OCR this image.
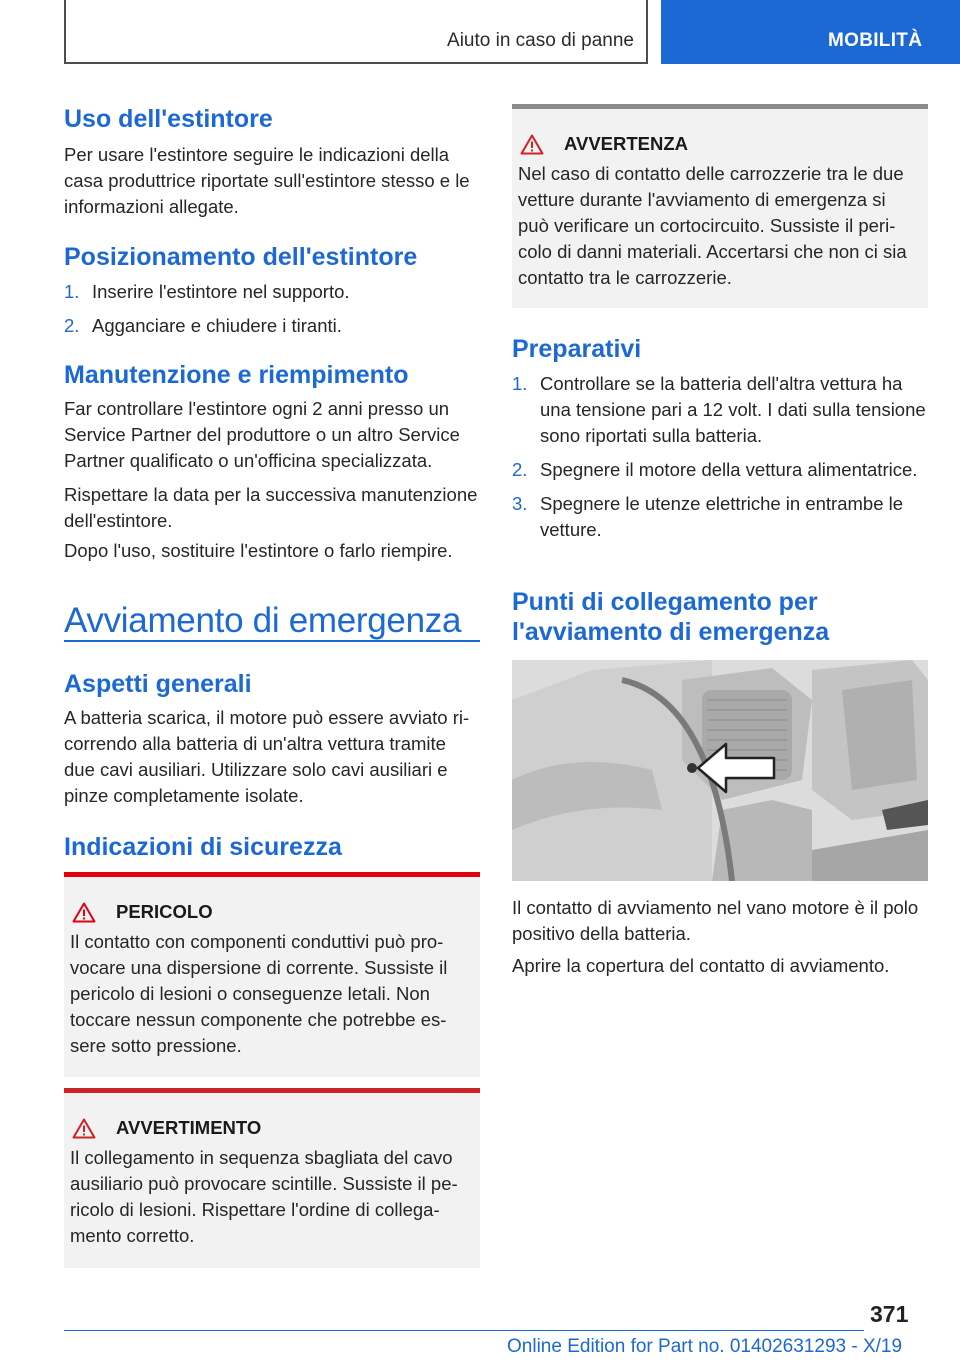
Aiuto in caso di panne	MOBILITÀ
Uso dell'estintore
Per usare l'estintore seguire le indicazioni della casa produttrice riportate sull'estintore stesso e le informazioni allegate.
Posizionamento dell'estintore
1. Inserire l'estintore nel supporto.
2. Agganciare e chiudere i tiranti.
Manutenzione e riempimento
Far controllare l'estintore ogni 2 anni presso un Service Partner del produttore o un altro Service Partner qualificato o un'officina specializzata.
Rispettare la data per la successiva manutenzione dell'estintore.
Dopo l'uso, sostituire l'estintore o farlo riempire.
Avviamento di emergenza
Aspetti generali
A batteria scarica, il motore può essere avviato ricorrendo alla batteria di un'altra vettura tramite due cavi ausiliari. Utilizzare solo cavi ausiliari e pinze completamente isolate.
Indicazioni di sicurezza
PERICOLO
Il contatto con componenti conduttivi può provocare una dispersione di corrente. Sussiste il pericolo di lesioni o conseguenze letali. Non toccare nessun componente che potrebbe essere sotto pressione.
AVVERTIMENTO
Il collegamento in sequenza sbagliata del cavo ausiliario può provocare scintille. Sussiste il pericolo di lesioni. Rispettare l'ordine di collegamento corretto.
AVVERTENZA
Nel caso di contatto delle carrozzerie tra le due vetture durante l'avviamento di emergenza si può verificare un cortocircuito. Sussiste il pericolo di danni materiali. Accertarsi che non ci sia contatto tra le carrozzerie.
Preparativi
1. Controllare se la batteria dell'altra vettura ha una tensione pari a 12 volt. I dati sulla tensione sono riportati sulla batteria.
2. Spegnere il motore della vettura alimentatrice.
3. Spegnere le utenze elettriche in entrambe le vetture.
Punti di collegamento per
l'avviamento di emergenza
Il contatto di avviamento nel vano motore è il polo positivo della batteria.
Aprire la copertura del contatto di avviamento.
371
Online Edition for Part no. 01402631293 - X/19
